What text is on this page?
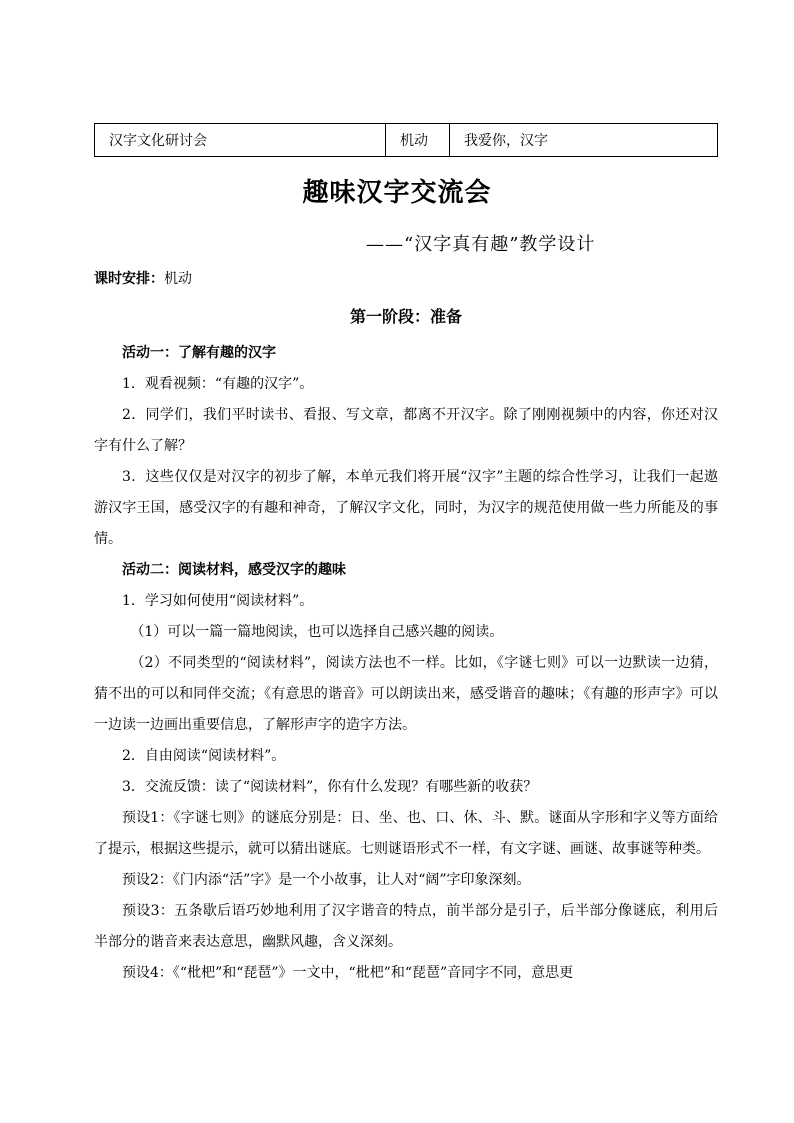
汉字文化研讨会	机动	我爱你，汉字
趣味汉字交流会
——“汉字真有趣”教学设计
课时安排：机动
第一阶段：准备

活动一：了解有趣的汉字

1．观看视频：“有趣的汉字”。

2．同学们，我们平时读书、看报、写文章，都离不开汉字。除了刚刚视频中的内容，你还对汉字有什么了解？

3．这些仅仅是对汉字的初步了解，本单元我们将开展“汉字”主题的综合性学习，让我们一起遨游汉字王国，感受汉字的有趣和神奇，了解汉字文化，同时，为汉字的规范使用做一些力所能及的事情。

活动二：阅读材料，感受汉字的趣味

1．学习如何使用“阅读材料”。

（1）可以一篇一篇地阅读，也可以选择自己感兴趣的阅读。

（2）不同类型的“阅读材料”，阅读方法也不一样。比如，《字谜七则》可以一边默读一边猜，猜不出的可以和同伴交流；《有意思的谐音》可以朗读出来，感受谐音的趣味；《有趣的形声字》可以一边读一边画出重要信息，了解形声字的造字方法。

2．自由阅读“阅读材料”。

3．交流反馈：读了“阅读材料”，你有什么发现？有哪些新的收获？

预设1：《字谜七则》的谜底分别是：日、坐、也、口、休、斗、默。谜面从字形和字义等方面给了提示，根据这些提示，就可以猜出谜底。七则谜语形式不一样，有文字谜、画谜、故事谜等种类。

预设2：《门内添“活”字》是一个小故事，让人对“阔”字印象深刻。

预设3：五条歇后语巧妙地利用了汉字谐音的特点，前半部分是引子，后半部分像谜底，利用后半部分的谐音来表达意思，幽默风趣，含义深刻。

预设4：《“枇杷”和“琵琶”》一文中，“枇杷”和“琵琶”音同字不同，意思更
